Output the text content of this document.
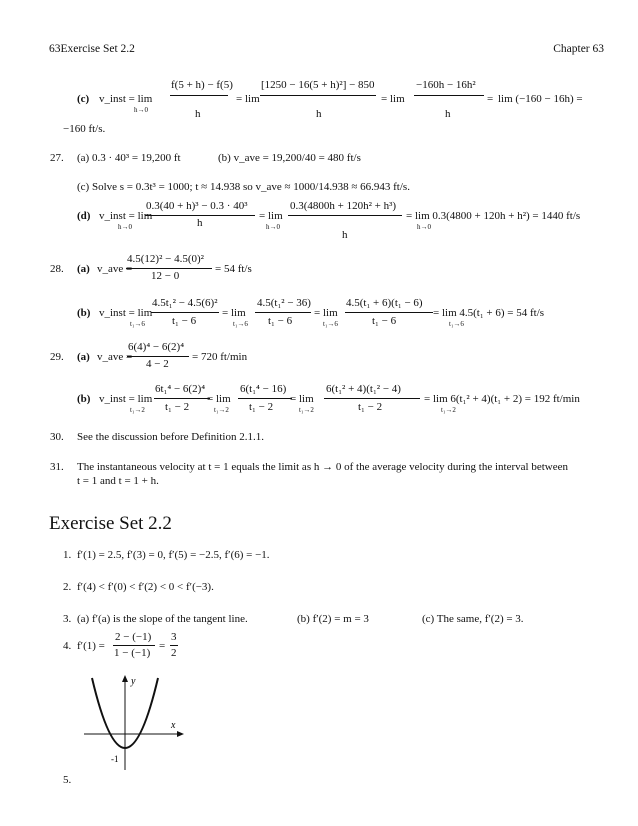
63Exercise Set 2.2	Chapter 63
(c) v_inst = lim
h→0
f(5 + h) − f(5)
h
= lim
[1250 − 16(5 + h)²] − 850
h
= lim
−160h − 16h²
h
= lim (−160 − 16h) =
−160 ft/s.
27. (a) 0.3 · 40³ = 19,200 ft	(b) v_ave = 19,200/40 = 480 ft/s
(c) Solve s = 0.3t³ = 1000; t ≈ 14.938 so v_ave ≈ 1000/14.938 ≈ 66.943 ft/s.
(d) v_inst = lim
h→0
0.3(40 + h)³ − 0.3 · 40³
h
= lim
h→0
0.3(4800h + 120h² + h³)
h
= lim 0.3(4800 + 120h + h²) = 1440 ft/s
h→0
28. (a) v_ave =
4.5(12)² − 4.5(0)²
12 − 0
= 54 ft/s
(b) v_inst = lim
t₁→6
4.5t₁² − 4.5(6)²
t₁ − 6
= lim
t₁→6
4.5(t₁² − 36)
t₁ − 6
= lim
t₁→6
4.5(t₁ + 6)(t₁ − 6)
t₁ − 6
= lim 4.5(t₁ + 6) = 54 ft/s
t₁→6
29. (a) v_ave =
6(4)⁴ − 6(2)⁴
4 − 2
= 720 ft/min
(b) v_inst = lim
t₁→2
6t₁⁴ − 6(2)⁴
t₁ − 2
= lim
t₁→2
6(t₁⁴ − 16)
t₁ − 2
= lim
t₁→2
6(t₁² + 4)(t₁² − 4)
t₁ − 2
= lim 6(t₁² + 4)(t₁ + 2) = 192 ft/min
t₁→2
30. See the discussion before Definition 2.1.1.
31. The instantaneous velocity at t = 1 equals the limit as h → 0 of the average velocity during the interval between
t = 1 and t = 1 + h.
Exercise Set 2.2
1. f′(1) = 2.5, f′(3) = 0, f′(5) = −2.5, f′(6) = −1.
2. f′(4) < f′(0) < f′(2) < 0 < f′(−3).
3. (a) f′(a) is the slope of the tangent line.	(b) f′(2) = m = 3	(c) The same, f′(2) = 3.
4. f′(1) =
2 − (−1)
1 − (−1)
=
3
2
y
x
-1
5.
